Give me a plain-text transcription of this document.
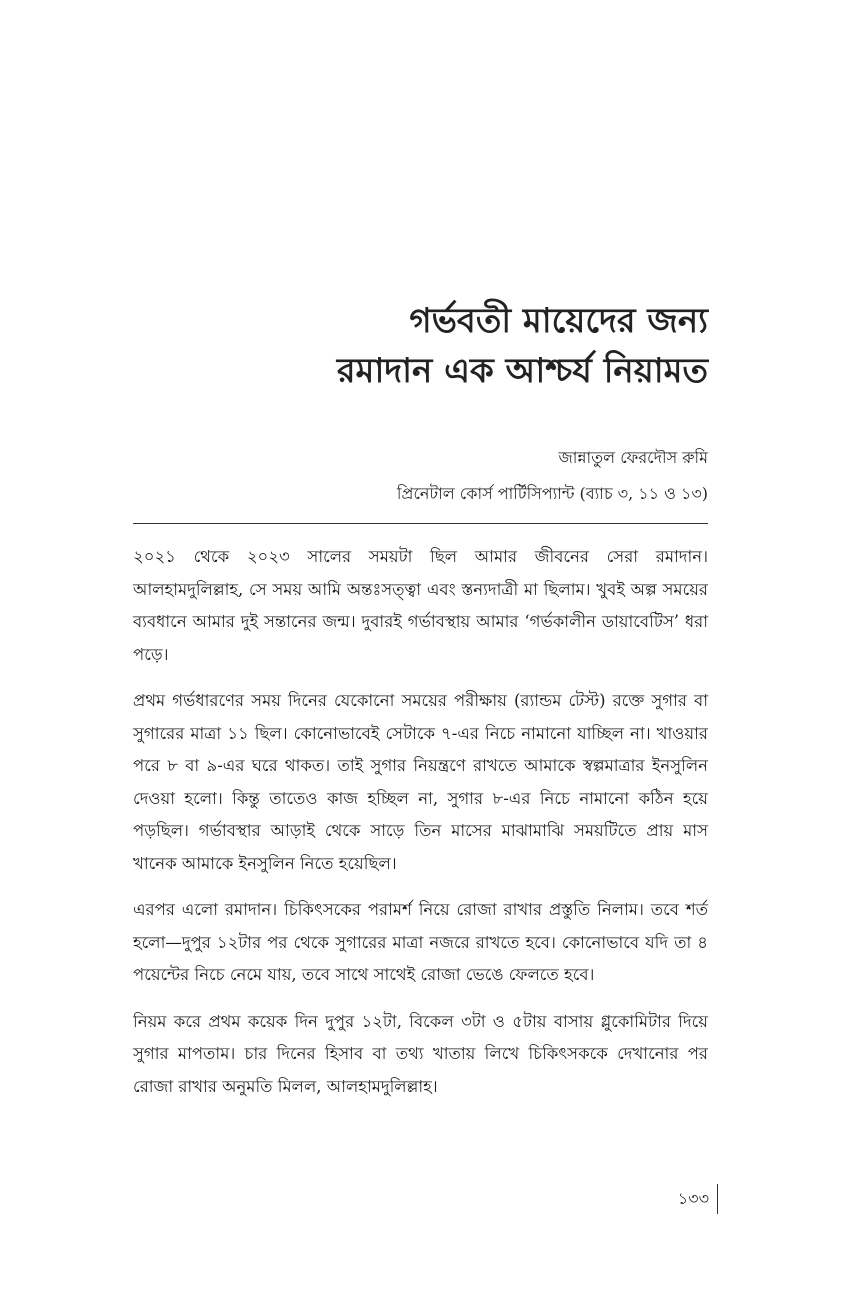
গর্ভবতী মায়েদের জন্য
রমাদান এক আশ্চর্য নিয়ামত
জান্নাতুল ফেরদৌস রুমি
প্রিনেটাল কোর্স পার্টিসিপ্যান্ট (ব্যাচ ৩, ১১ ও ১৩)

২০২১ থেকে ২০২৩ সালের সময়টা ছিল আমার জীবনের সেরা রমাদান। আলহামদুলিল্লাহ, সে সময় আমি অন্তঃসত্ত্বা এবং স্তন্যদাত্রী মা ছিলাম। খুবই অল্প সময়ের ব্যবধানে আমার দুই সন্তানের জন্ম। দুবারই গর্ভাবস্থায় আমার ‘গর্ভকালীন ডায়াবেটিস’ ধরা পড়ে।

প্রথম গর্ভধারণের সময় দিনের যেকোনো সময়ের পরীক্ষায় (র‍্যান্ডম টেস্ট) রক্তে সুগার বা সুগারের মাত্রা ১১ ছিল। কোনোভাবেই সেটাকে ৭-এর নিচে নামানো যাচ্ছিল না। খাওয়ার পরে ৮ বা ৯-এর ঘরে থাকত। তাই সুগার নিয়ন্ত্রণে রাখতে আমাকে স্বল্পমাত্রার ইনসুলিন দেওয়া হলো। কিন্তু তাতেও কাজ হচ্ছিল না, সুগার ৮-এর নিচে নামানো কঠিন হয়ে পড়ছিল। গর্ভাবস্থার আড়াই থেকে সাড়ে তিন মাসের মাঝামাঝি সময়টিতে প্রায় মাস খানেক আমাকে ইনসুলিন নিতে হয়েছিল।

এরপর এলো রমাদান। চিকিৎসকের পরামর্শ নিয়ে রোজা রাখার প্রস্তুতি নিলাম। তবে শর্ত হলো—দুপুর ১২টার পর থেকে সুগারের মাত্রা নজরে রাখতে হবে। কোনোভাবে যদি তা ৪ পয়েন্টের নিচে নেমে যায়, তবে সাথে সাথেই রোজা ভেঙে ফেলতে হবে।

নিয়ম করে প্রথম কয়েক দিন দুপুর ১২টা, বিকেল ৩টা ও ৫টায় বাসায় গ্লুকোমিটার দিয়ে সুগার মাপতাম। চার দিনের হিসাব বা তথ্য খাতায় লিখে চিকিৎসককে দেখানোর পর রোজা রাখার অনুমতি মিলল, আলহামদুলিল্লাহ।

১৩৩
